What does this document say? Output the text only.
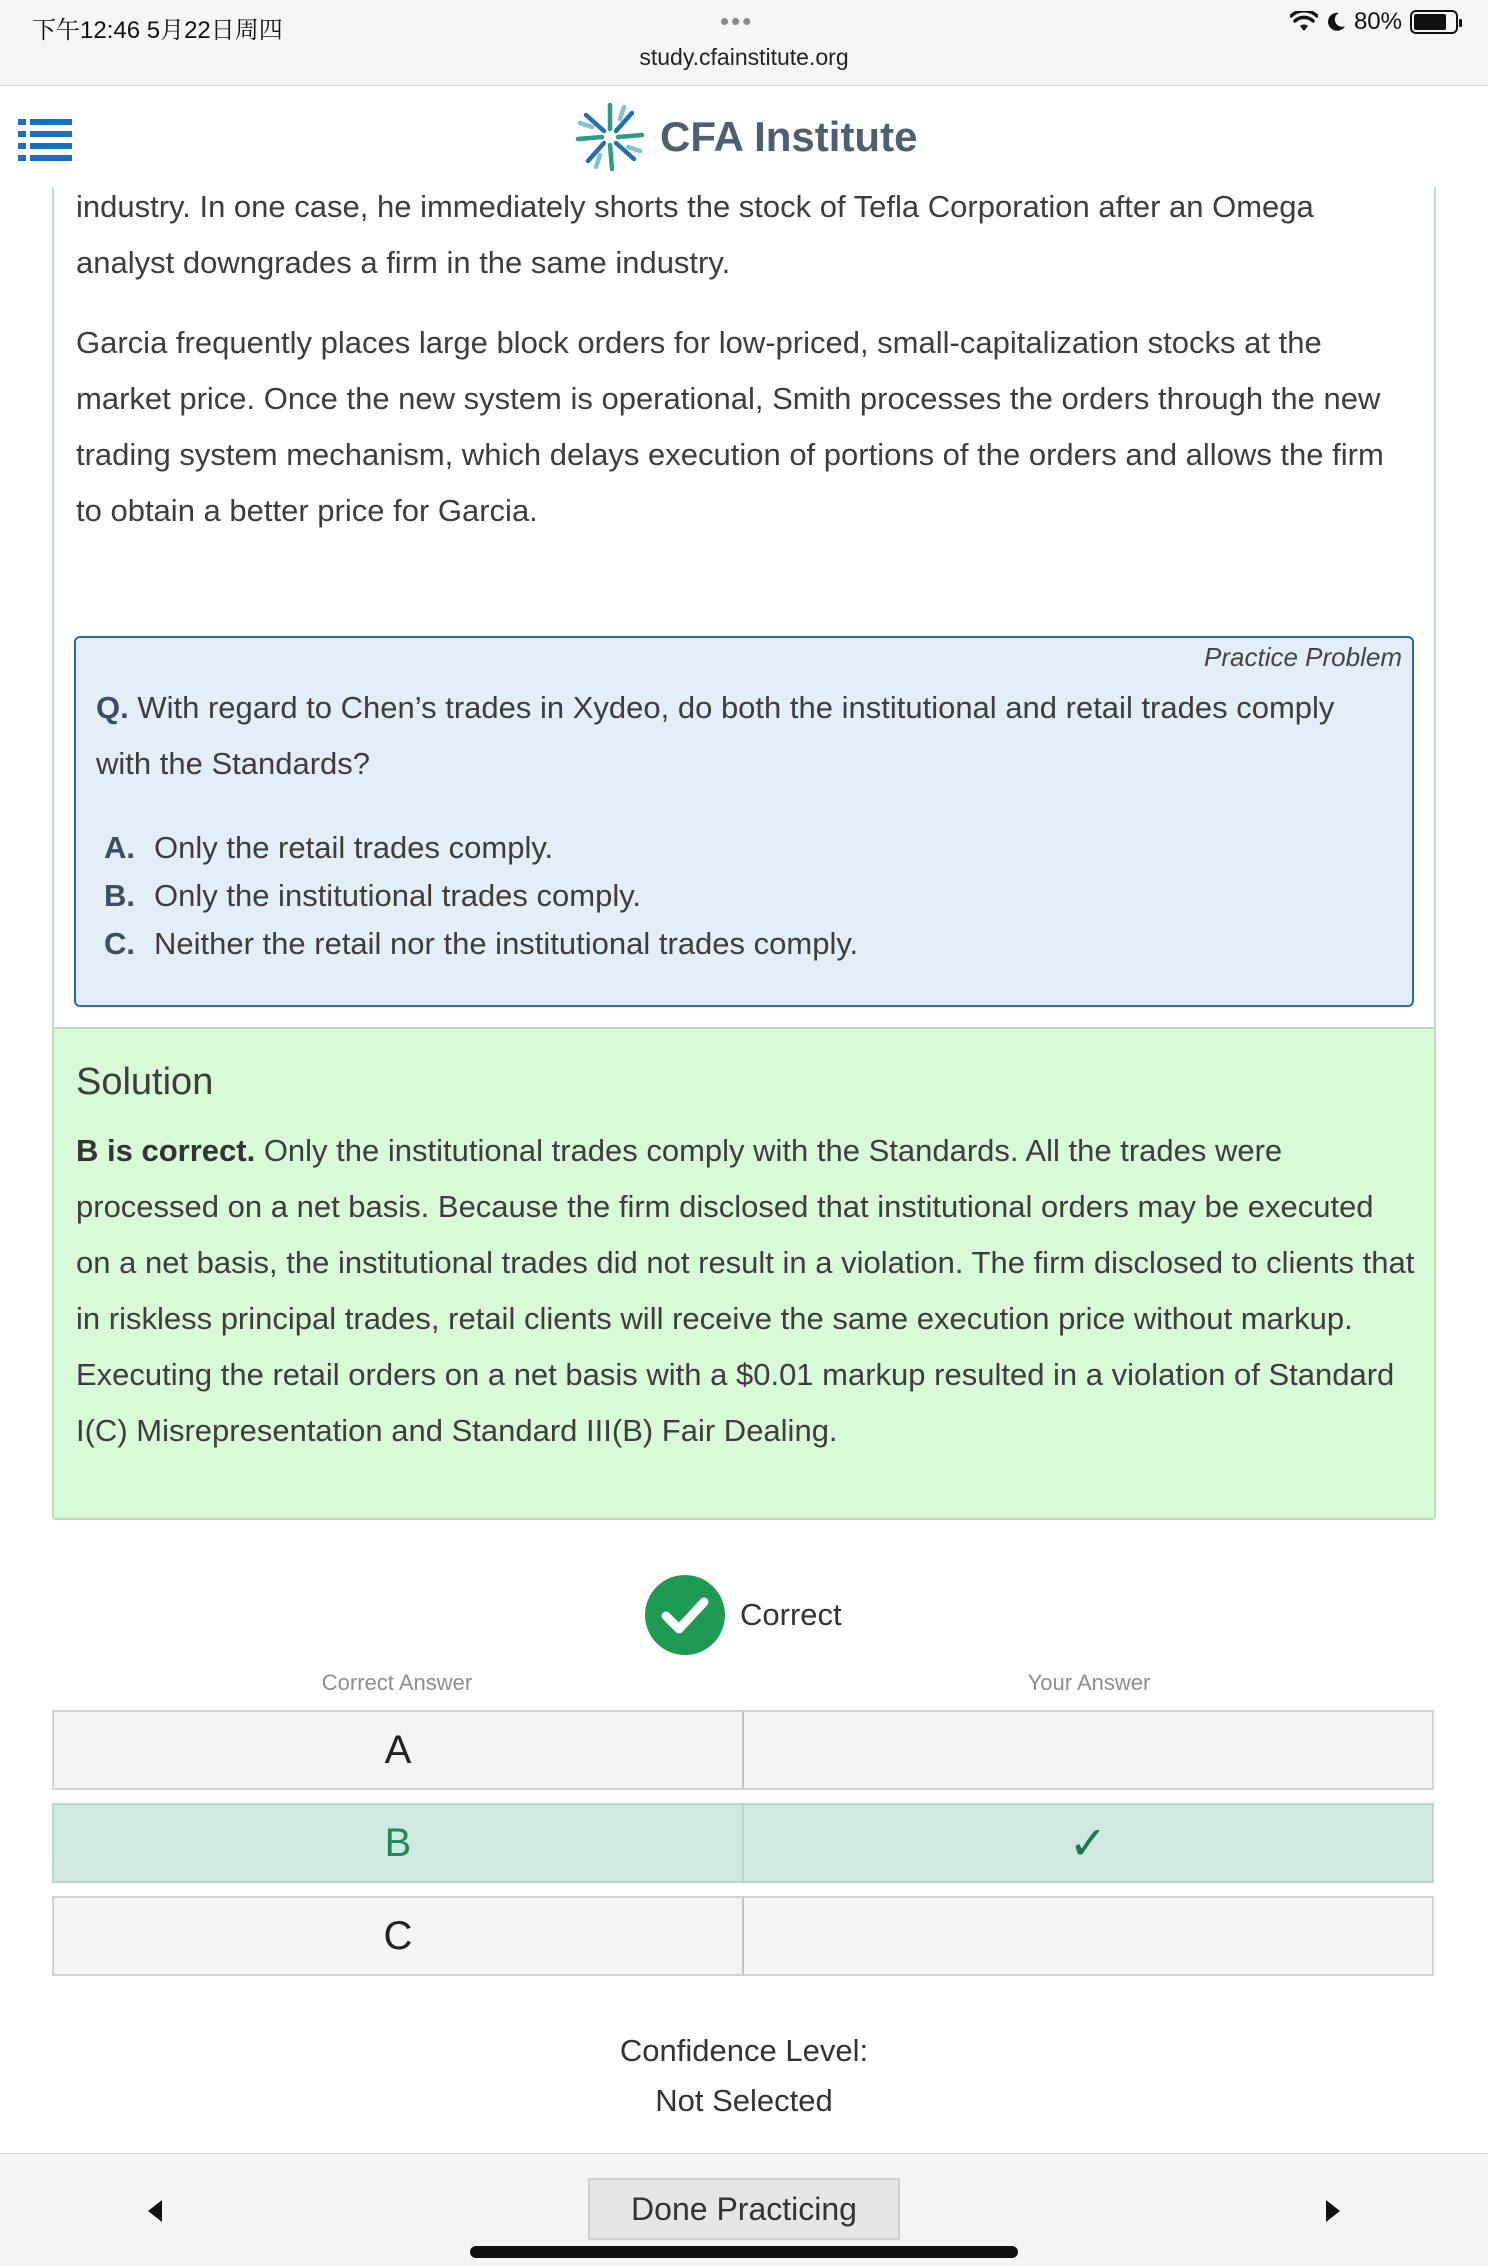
下午12:46 5月22日周四	•••
study.cfainstitute.org
80%
CFA Institute

industry. In one case, he immediately shorts the stock of Tefla Corporation after an Omega analyst downgrades a firm in the same industry.

Garcia frequently places large block orders for low-priced, small-capitalization stocks at the market price. Once the new system is operational, Smith processes the orders through the new trading system mechanism, which delays execution of portions of the orders and allows the firm to obtain a better price for Garcia.

Practice Problem

Q. With regard to Chen’s trades in Xydeo, do both the institutional and retail trades comply with the Standards?

A. Only the retail trades comply.
B. Only the institutional trades comply.
C. Neither the retail nor the institutional trades comply.
Solution

B is correct. Only the institutional trades comply with the Standards. All the trades were processed on a net basis. Because the firm disclosed that institutional orders may be executed on a net basis, the institutional trades did not result in a violation. The firm disclosed to clients that in riskless principal trades, retail clients will receive the same execution price without markup. Executing the retail orders on a net basis with a $0.01 markup resulted in a violation of Standard I(C) Misrepresentation and Standard III(B) Fair Dealing.

Correct
Correct Answer	Your Answer
A
B	✓
C
Confidence Level:
Not Selected
Done Practicing
